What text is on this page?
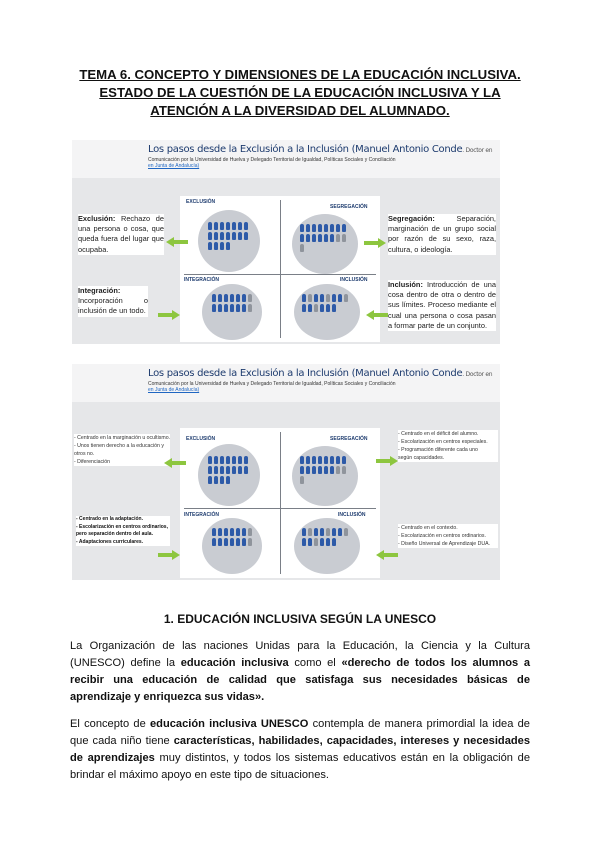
TEMA 6. CONCEPTO Y DIMENSIONES DE LA EDUCACIÓN INCLUSIVA.
ESTADO DE LA CUESTIÓN DE LA EDUCACIÓN INCLUSIVA Y LA
ATENCIÓN A LA DIVERSIDAD DEL ALUMNADO.
Los pasos desde la Exclusión a la Inclusión (Manuel Antonio Conde. Doctor en
Comunicación por la Universidad de Huelva y Delegado Territorial de Igualdad, Políticas Sociales y Conciliación
en Junta de Andalucía)
EXCLUSIÓN
SEGREGACIÓN
INTEGRACIÓN	INCLUSIÓN
Exclusión: Rechazo de una persona o cosa, que queda fuera del lugar que ocupaba.
Integración: Incorporación o inclusión de un todo.
Segregación:	Separación, marginación de un grupo social por razón de su sexo, raza, cultura, o ideología.
Inclusión: Introducción de una cosa dentro de otra o dentro de sus límites. Proceso mediante el cual una persona o cosa pasan a formar parte de un conjunto.
Los pasos desde la Exclusión a la Inclusión (Manuel Antonio Conde. Doctor en
Comunicación por la Universidad de Huelva y Delegado Territorial de Igualdad, Políticas Sociales y Conciliación
en Junta de Andalucía)
EXCLUSIÓN	SEGREGACIÓN
INTEGRACIÓN	INCLUSIÓN
- Centrado en la marginación u ocultismo.
- Unos tienen derecho a la educación y
otros no.
- Diferenciación
- Centrado en la adaptación.
- Escolarización en centros ordinarios,
pero separación dentro del aula.
- Adaptaciones curriculares.
- Centrado en el déficit del alumno.
- Escolarización en centros especiales.
- Programación diferente cada uno
según capacidades.
- Centrado en el contexto.
- Escolarización en centros ordinarios.
- Diseño Universal de Aprendizaje DUA.
1. EDUCACIÓN INCLUSIVA SEGÚN LA UNESCO
La Organización de las naciones Unidas para la Educación, la Ciencia y la Cultura (UNESCO) define la educación inclusiva como el «derecho de todos los alumnos a recibir una educación de calidad que satisfaga sus necesidades básicas de aprendizaje y enriquezca sus vidas».
El concepto de educación inclusiva UNESCO contempla de manera primordial la idea de que cada niño tiene características, habilidades, capacidades, intereses y necesidades de aprendizajes muy distintos, y todos los sistemas educativos están en la obligación de brindar el máximo apoyo en este tipo de situaciones.
